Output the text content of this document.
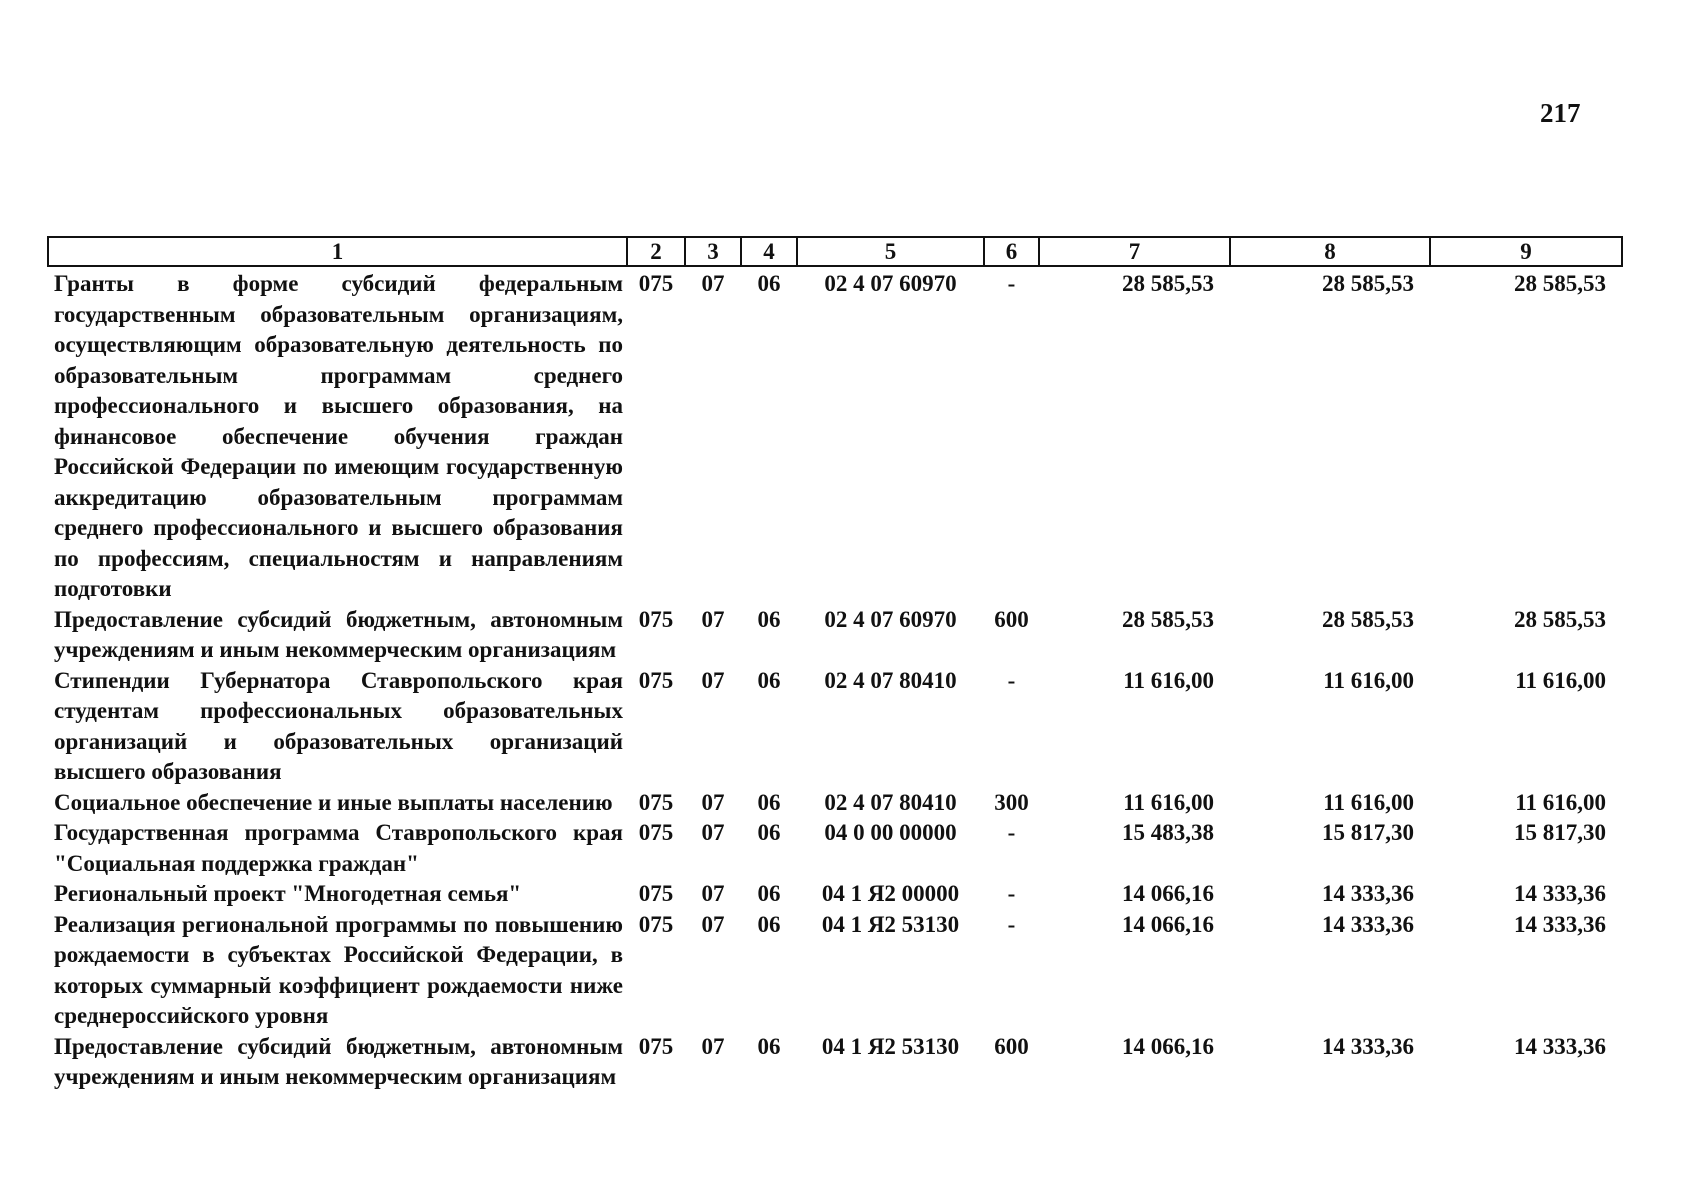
217
1	2	3	4	5	6	7	8	9
Гранты в форме субсидий федеральным государственным образовательным организациям, осуществляющим образовательную деятельность по образовательным программам среднего профессионального и высшего образования, на финансовое обеспечение обучения граждан Российской Федерации по имеющим государственную аккредитацию образовательным программам среднего профессионального и высшего образования по профессиям, специальностям и направлениям подготовки	075	07	06	02 4 07 60970	-	28 585,53	28 585,53	28 585,53
Предоставление субсидий бюджетным, автономным учреждениям и иным некоммерческим организациям	075	07	06	02 4 07 60970	600	28 585,53	28 585,53	28 585,53
Стипендии Губернатора Ставропольского края студентам профессиональных образовательных организаций и образовательных организаций высшего образования	075	07	06	02 4 07 80410	-	11 616,00	11 616,00	11 616,00
Социальное обеспечение и иные выплаты населению	075	07	06	02 4 07 80410	300	11 616,00	11 616,00	11 616,00
Государственная программа Ставропольского края "Социальная поддержка граждан"	075	07	06	04 0 00 00000	-	15 483,38	15 817,30	15 817,30
Региональный проект "Многодетная семья"	075	07	06	04 1 Я2 00000	-	14 066,16	14 333,36	14 333,36
Реализация региональной программы по повышению рождаемости в субъектах Российской Федерации, в которых суммарный коэффициент рождаемости ниже среднероссийского уровня	075	07	06	04 1 Я2 53130	-	14 066,16	14 333,36	14 333,36
Предоставление субсидий бюджетным, автономным учреждениям и иным некоммерческим организациям	075	07	06	04 1 Я2 53130	600	14 066,16	14 333,36	14 333,36
